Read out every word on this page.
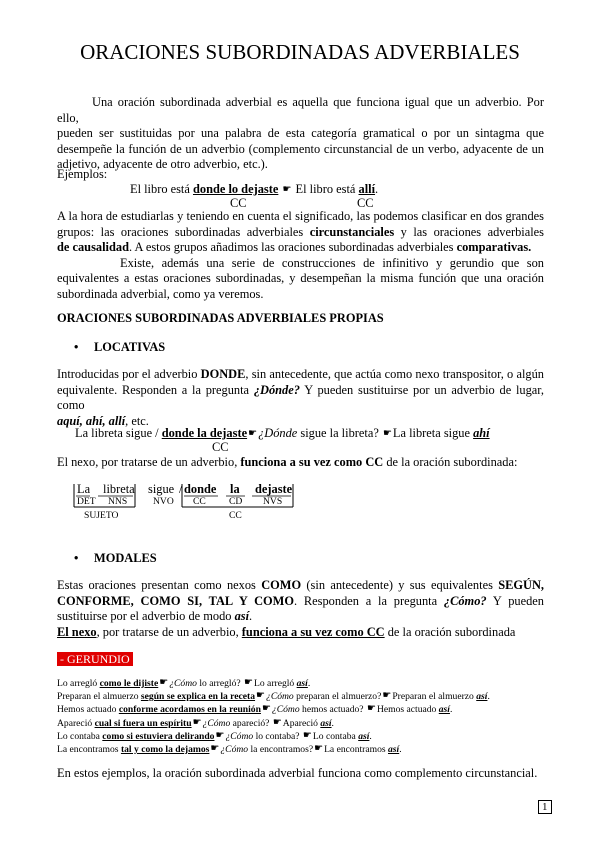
ORACIONES SUBORDINADAS ADVERBIALES
Una oración subordinada adverbial es aquella que funciona igual que un adverbio. Por ello,
pueden ser sustituidas por una palabra de esta categoría gramatical o por un sintagma que
desempeñe la función de un adverbio (complemento circunstancial de un verbo, adyacente de un
adjetivo, adyacente de otro adverbio, etc.).
Ejemplos:
El libro está donde lo dejaste ☛ El libro está allí.
CC	CC
A la hora de estudiarlas y teniendo en cuenta el significado, las podemos clasificar en dos grandes
grupos: las oraciones subordinadas adverbiales circunstanciales y las oraciones adverbiales
de causalidad. A estos grupos añadimos las oraciones subordinadas adverbiales comparativas.
Existe, además una serie de construcciones de infinitivo y gerundio que son
equivalentes a estas oraciones subordinadas, y desempeñan la misma función que una oración
subordinada adverbial, como ya veremos.
ORACIONES SUBORDINADAS ADVERBIALES PROPIAS
• LOCATIVAS
Introducidas por el adverbio DONDE, sin antecedente, que actúa como nexo transpositor, o algún
equivalente. Responden a la pregunta ¿Dónde? Y pueden sustituirse por un adverbio de lugar, como
aquí, ahí, allí, etc.
La libreta sigue / donde la dejaste☛¿Dónde sigue la libreta? ☛La libreta sigue ahí
CC
El nexo, por tratarse de un adverbio, funciona a su vez como CC de la oración subordinada:
La libreta sigue / donde la dejaste
DET NNS	NVO CC CD NVS
SUJETO	CC
• MODALES
Estas oraciones presentan como nexos COMO (sin antecedente) y sus equivalentes SEGÚN,
CONFORME, COMO SI, TAL Y COMO. Responden a la pregunta ¿Cómo? Y pueden
sustituirse por el adverbio de modo así.
El nexo, por tratarse de un adverbio, funciona a su vez como CC de la oración subordinada
- GERUNDIO
Lo arregló como le dijiste☛¿Cómo lo arregló? ☛Lo arregló así.
Preparan el almuerzo según se explica en la receta☛¿Cómo preparan el almuerzo?☛Preparan el almuerzo así.
Hemos actuado conforme acordamos en la reunión☛¿Cómo hemos actuado? ☛Hemos actuado así.
Apareció cual si fuera un espíritu☛¿Cómo apareció? ☛Apareció así.
Lo contaba como si estuviera delirando☛¿Cómo lo contaba? ☛Lo contaba así.
La encontramos tal y como la dejamos☛¿Cómo la encontramos?☛La encontramos así.
En estos ejemplos, la oración subordinada adverbial funciona como complemento circunstancial.
1
